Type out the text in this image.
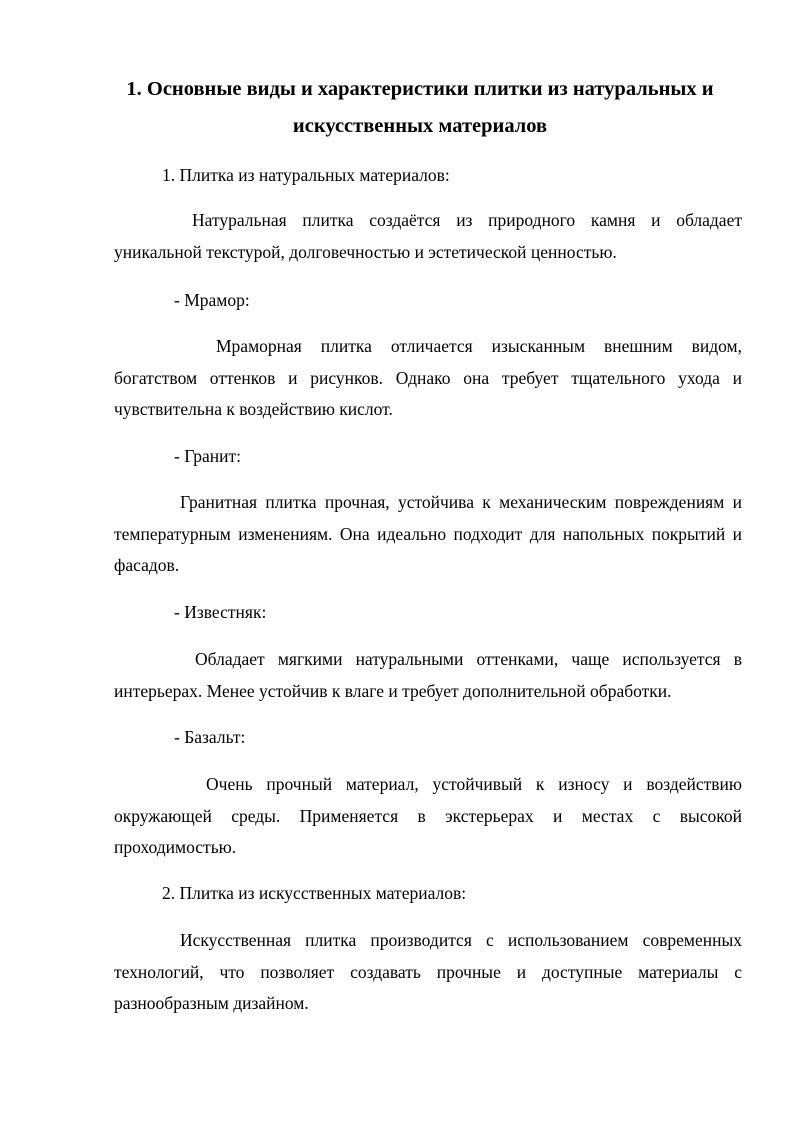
1. Основные виды и характеристики плитки из натуральных и искусственных материалов

1. Плитка из натуральных материалов:

Натуральная плитка создаётся из природного камня и обладает уникальной текстурой, долговечностью и эстетической ценностью.

- Мрамор:

Мраморная плитка отличается изысканным внешним видом, богатством оттенков и рисунков. Однако она требует тщательного ухода и чувствительна к воздействию кислот.

- Гранит:

Гранитная плитка прочная, устойчива к механическим повреждениям и температурным изменениям. Она идеально подходит для напольных покрытий и фасадов.

- Известняк:

Обладает мягкими натуральными оттенками, чаще используется в интерьерах. Менее устойчив к влаге и требует дополнительной обработки.

- Базальт:

Очень прочный материал, устойчивый к износу и воздействию окружающей среды. Применяется в экстерьерах и местах с высокой проходимостью.

2. Плитка из искусственных материалов:

Искусственная плитка производится с использованием современных технологий, что позволяет создавать прочные и доступные материалы с разнообразным дизайном.
